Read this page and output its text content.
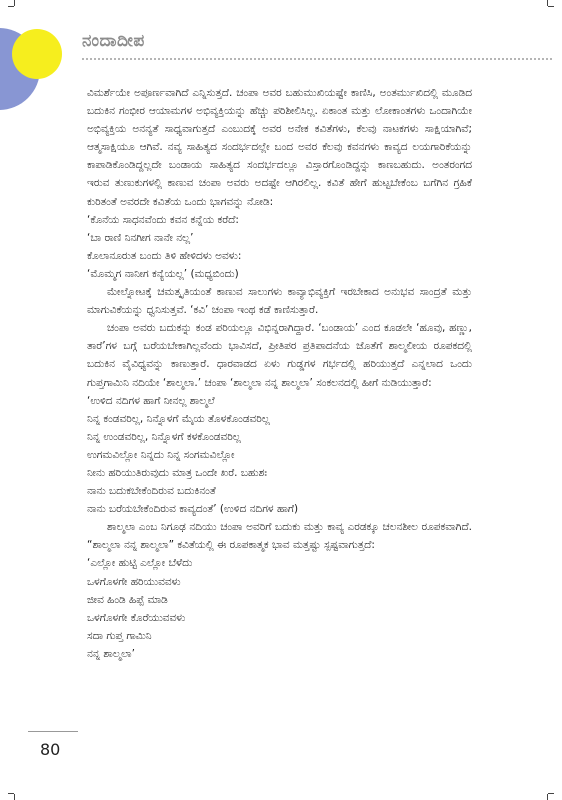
ನಂದಾದೀಪ

ವಿಮರ್ಶೆಯೇ ಅಪೂರ್ಣವಾಗಿದೆ ಎನ್ನಿಸುತ್ತದೆ. ಚಂಪಾ ಅವರ ಬಹುಮುಖಿಯಷ್ಟೇ ಕಾಣಿಸಿ, ಅಂತರ್ಮುಖಿದಲ್ಲಿ ಮೂಡಿದ ಬದುಕಿನ ಗಂಭೀರ ಆಯಾಮಗಳ ಅಭಿವ್ಯಕ್ತಿಯನ್ನು ಹೆಚ್ಚು ಪರಿಶೀಲಿಸಿಲ್ಲ. ಏಕಾಂತ ಮತ್ತು ಲೋಕಾಂತಗಳು ಒಂದಾಗಿಯೇ ಅಭಿವ್ಯಕ್ತಿಯ ಅನನ್ಯತೆ ಸಾಧ್ಯವಾಗುತ್ತದೆ ಎಂಬುದಕ್ಕೆ ಅವರ ಅನೇಕ ಕವಿತೆಗಳು, ಕೆಲವು ನಾಟಕಗಳು ಸಾಕ್ಷಿಯಾಗಿವೆ; ಆತ್ಮಸಾಕ್ಷಿಯೂ ಆಗಿವೆ. ನವ್ಯ ಸಾಹಿತ್ಯದ ಸಂದರ್ಭದಲ್ಲೇ ಬಂದ ಅವರ ಕೆಲವು ಕವನಗಳು ಕಾವ್ಯದ ಲಯಗಾರಿಕೆಯನ್ನು ಕಾಪಾಡಿಕೊಂಡಿದ್ದಲ್ಲದೇ ಬಂಡಾಯ ಸಾಹಿತ್ಯದ ಸಂದರ್ಭದಲ್ಲೂ ವಿಸ್ತಾರಗೊಂಡಿದ್ದನ್ನು ಕಾಣಬಹುದು. ಅಂತರಂಗದ ಇರುವ ತುಣುಕುಗಳಲ್ಲಿ ಕಾಣುವ ಚಂಪಾ ಅವರು ಅದಷ್ಟೇ ಆಗಿರಲಿಲ್ಲ. ಕವಿತೆ ಹೇಗೆ ಹುಟ್ಟಬೇಕೆಂಬ ಬಗೆಗಿನ ಗ್ರಹಿಕೆ ಕುರಿತಂತೆ ಅವರದೇ ಕವಿತೆಯ ಒಂದು ಭಾಗವನ್ನು ನೋಡಿ:

‘ಕೊನೆಯ ಸಾಧನವೆಂದು ಕವನ ಕನ್ನೆಯ ಕರೆದೆ:
‘ಬಾ ರಾಣಿ ನಿನಗೀಗ ನಾನೇ ನಲ್ಲ’
ಕೊಲಾನೂರುತ ಬಂದು ತಿಳಿ ಹೇಳಿದಳು ಅವಳು:
‘ಮೊಮ್ಮಗ ನಾನೀಗ ಕನ್ಯೆಯಲ್ಲ’ (ಮಧ್ಯಬಿಂದು)

ಮೇಲ್ನೋಟಕ್ಕೆ ಚಮತ್ಕೃತಿಯಂತೆ ಕಾಣುವ ಸಾಲುಗಳು ಕಾವ್ಯಾಭಿವ್ಯಕ್ತಿಗೆ ಇರಬೇಕಾದ ಅನುಭವ ಸಾಂದ್ರತೆ ಮತ್ತು ಮಾಗುವಿಕೆಯನ್ನು ಧ್ವನಿಸುತ್ತವೆ. ‘ಕವಿ’ ಚಂಪಾ ಇಂಥ ಕಡೆ ಕಾಣಿಸುತ್ತಾರೆ.

ಚಂಪಾ ಅವರು ಬದುಕನ್ನು ಕಂಡ ಪರಿಯಲ್ಲೂ ವಿಭಿನ್ನರಾಗಿದ್ದಾರೆ. ‘ಬಂಡಾಯ’ ಎಂದ ಕೂಡಲೇ ‘ಹೂವು, ಹಣ್ಣು, ತಾರೆ’ಗಳ ಬಗ್ಗೆ ಬರೆಯಬೇಕಾಗಿಲ್ಲವೆಂದು ಭಾವಿಸದೆ, ಪ್ರೀತಿಪರ ಪ್ರತಿಪಾದನೆಯ ಜೊತೆಗೆ ಶಾಲ್ಮಲೀಯ ರೂಪಕದಲ್ಲಿ ಬದುಕಿನ ವೈವಿಧ್ಯವನ್ನು ಕಾಣುತ್ತಾರೆ. ಧಾರವಾಡದ ಏಳು ಗುಡ್ಡಗಳ ಗರ್ಭದಲ್ಲಿ ಹರಿಯುತ್ತದೆ ಎನ್ನಲಾದ ಒಂದು ಗುಪ್ತಗಾಮಿನಿ ನದಿಯೇ ‘ಶಾಲ್ಮಲಾ.’ ಚಂಪಾ ‘ಶಾಲ್ಮಲಾ ನನ್ನ ಶಾಲ್ಮಲಾ’ ಸಂಕಲನದಲ್ಲಿ ಹೀಗೆ ನುಡಿಯುತ್ತಾರೆ:

‘ಉಳಿದ ನದಿಗಳ ಹಾಗೆ ನೀನಲ್ಲ ಶಾಲ್ಮಲೆ
ನಿನ್ನ ಕಂಡವರಿಲ್ಲ, ನಿನ್ನೊಳಗೆ ಮೈಯ ತೊಳಕೊಂಡವರಿಲ್ಲ
ನಿನ್ನ ಉಂಡವರಿಲ್ಲ, ನಿನ್ನೊಳಗೆ ಕಳಕೊಂಡವರಿಲ್ಲ
ಉಗಮವಿಲ್ಲೋ ನಿನ್ನದು ನಿನ್ನ ಸಂಗಮವಿಲ್ಲೋ
ನೀನು ಹರಿಯುತಿರುವುದು ಮಾತ್ರ ಒಂದೇ ಖರೆ. ಬಹುಶಃ
ನಾನು ಬದುಕಬೇಕೆಂದಿರುವ ಬದುಕಿನಂತೆ
ನಾನು ಬರೆಯಬೇಕೆಂದಿರುವ ಕಾವ್ಯದಂತೆ’ (ಉಳಿದ ನದಿಗಳ ಹಾಗೆ)

ಶಾಲ್ಮಲಾ ಎಂಬ ನಿಗೂಢ ನದಿಯು ಚಂಪಾ ಅವರಿಗೆ ಬದುಕು ಮತ್ತು ಕಾವ್ಯ ಎರಡಕ್ಕೂ ಚಲನಶೀಲ ರೂಪಕವಾಗಿದೆ. “ಶಾಲ್ಮಲಾ ನನ್ನ ಶಾಲ್ಮಲಾ” ಕವಿತೆಯಲ್ಲಿ ಈ ರೂಪಕಾತ್ಮಕ ಭಾವ ಮತ್ತಷ್ಟು ಸ್ಪಷ್ಟವಾಗುತ್ತದೆ:

‘ಎಲ್ಲೋ ಹುಟ್ಟಿ ಎಲ್ಲೋ ಬೆಳೆದು
ಒಳಗೊಳಗೇ ಹರಿಯುವವಳು
ಜೀವ ಹಿಂಡಿ ಹಿಪ್ಪೆ ಮಾಡಿ
ಒಳಗೊಳಗೇ ಕೊರೆಯುವವಳು
ಸದಾ ಗುಪ್ತ ಗಾಮಿನಿ
ನನ್ನ ಶಾಲ್ಮಲಾ’
80
